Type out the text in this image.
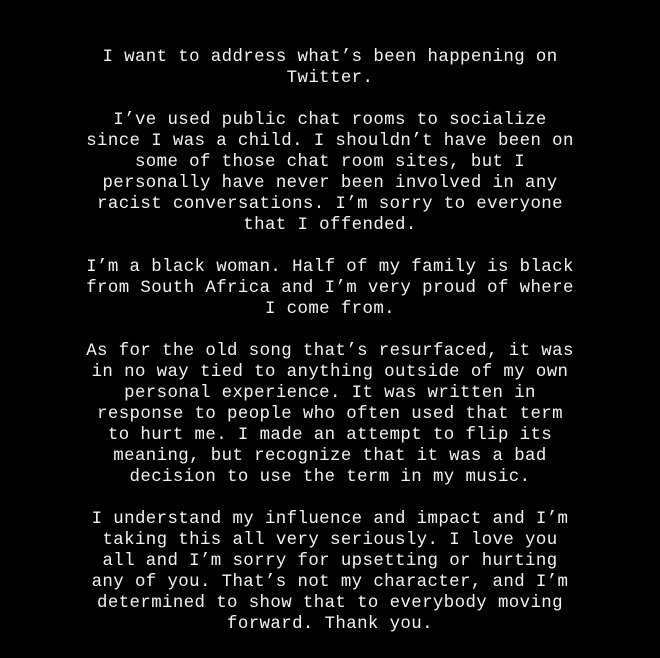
I want to address what’s been happening on
Twitter.

I’ve used public chat rooms to socialize
since I was a child. I shouldn’t have been on
some of those chat room sites, but I
personally have never been involved in any
racist conversations. I’m sorry to everyone
that I offended.

I’m a black woman. Half of my family is black
from South Africa and I’m very proud of where
I come from.

As for the old song that’s resurfaced, it was
in no way tied to anything outside of my own
personal experience. It was written in
response to people who often used that term
to hurt me. I made an attempt to flip its
meaning, but recognize that it was a bad
decision to use the term in my music.

I understand my influence and impact and I’m
taking this all very seriously. I love you
all and I’m sorry for upsetting or hurting
any of you. That’s not my character, and I’m
determined to show that to everybody moving
forward. Thank you.
